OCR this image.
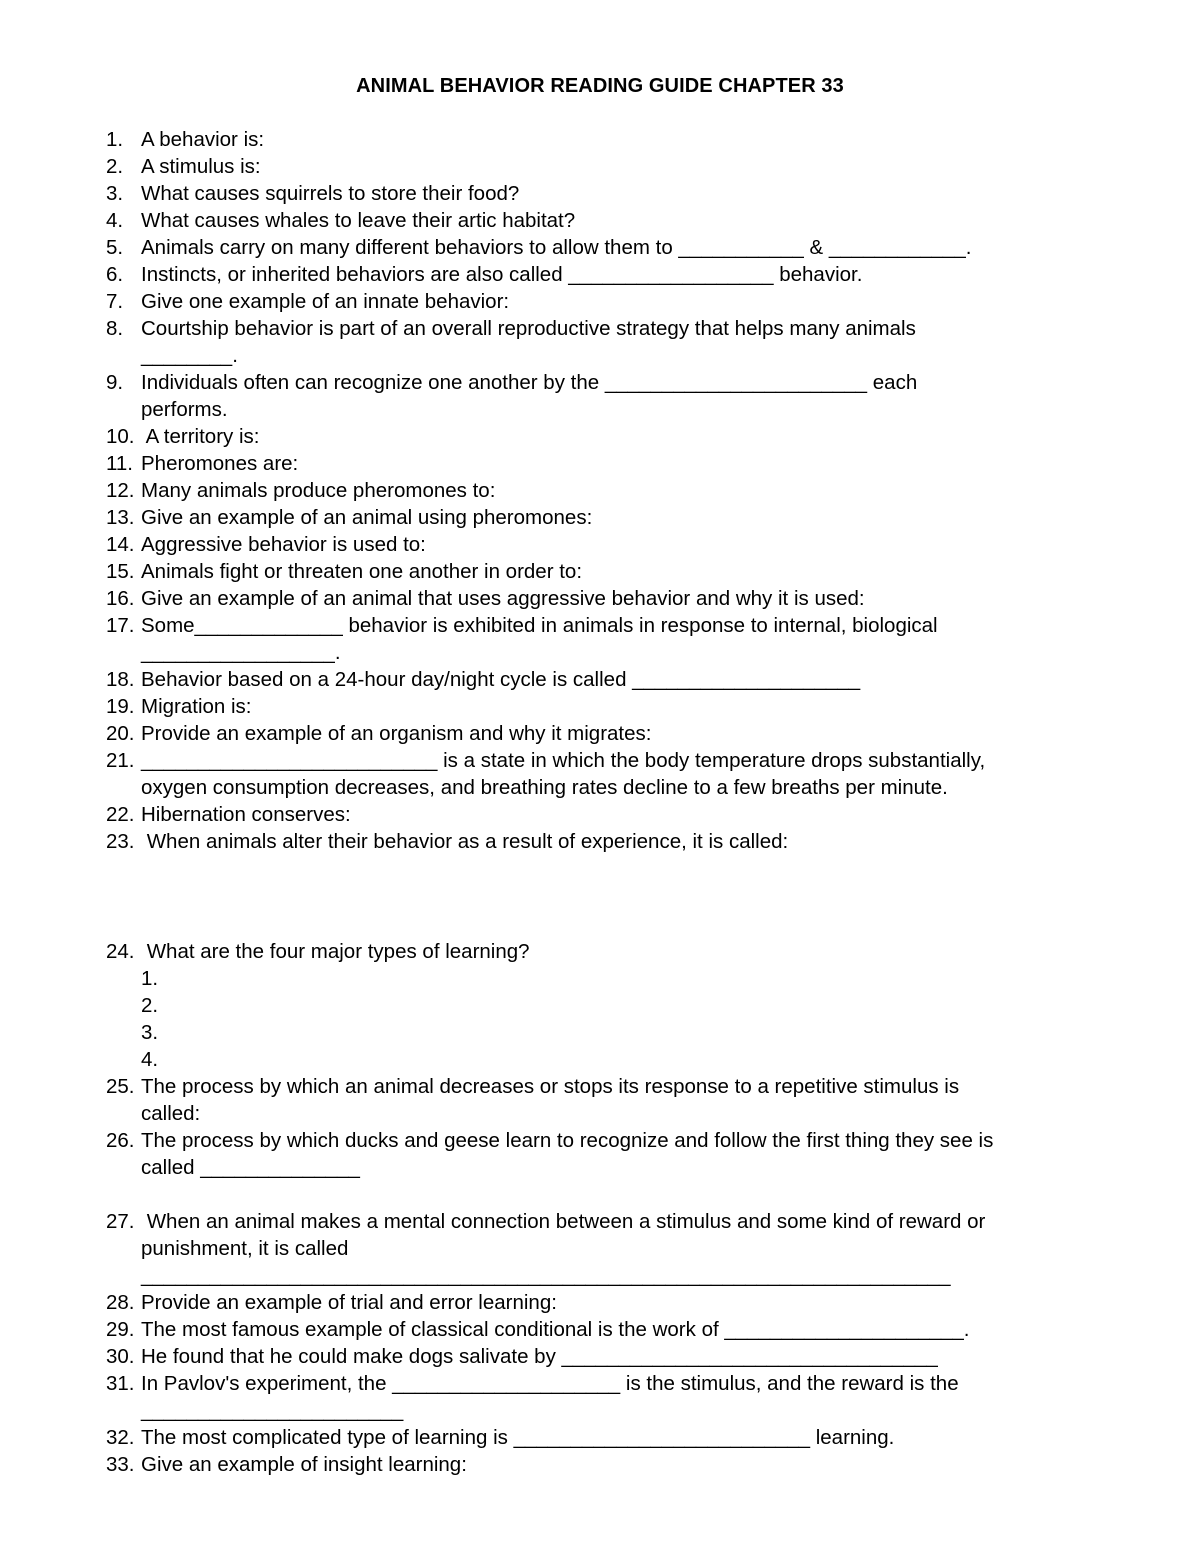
ANIMAL BEHAVIOR READING GUIDE CHAPTER 33
1. A behavior is:
2. A stimulus is:
3. What causes squirrels to store their food?
4. What causes whales to leave their artic habitat?
5. Animals carry on many different behaviors to allow them to ___________ & ____________.
6. Instincts, or inherited behaviors are also called __________________ behavior.
7. Give one example of an innate behavior:
8. Courtship behavior is part of an overall reproductive strategy that helps many animals
________.
9. Individuals often can recognize one another by the _______________________ each
performs.
10. A territory is:
11. Pheromones are:
12. Many animals produce pheromones to:
13. Give an example of an animal using pheromones:
14. Aggressive behavior is used to:
15. Animals fight or threaten one another in order to:
16. Give an example of an animal that uses aggressive behavior and why it is used:
17. Some_____________ behavior is exhibited in animals in response to internal, biological
_________________.
18. Behavior based on a 24-hour day/night cycle is called ____________________
19. Migration is:
20. Provide an example of an organism and why it migrates:
21. __________________________ is a state in which the body temperature drops substantially,
oxygen consumption decreases, and breathing rates decline to a few breaths per minute.
22. Hibernation conserves:
23. When animals alter their behavior as a result of experience, it is called:
24. What are the four major types of learning?
1.
2.
3.
4.
25. The process by which an animal decreases or stops its response to a repetitive stimulus is
called:
26. The process by which ducks and geese learn to recognize and follow the first thing they see is
called ______________
27. When an animal makes a mental connection between a stimulus and some kind of reward or
punishment, it is called
_______________________________________________________________________
28. Provide an example of trial and error learning:
29. The most famous example of classical conditional is the work of _____________________.
30. He found that he could make dogs salivate by _________________________________
31. In Pavlov's experiment, the ____________________ is the stimulus, and the reward is the
_______________________
32. The most complicated type of learning is __________________________ learning.
33. Give an example of insight learning:
